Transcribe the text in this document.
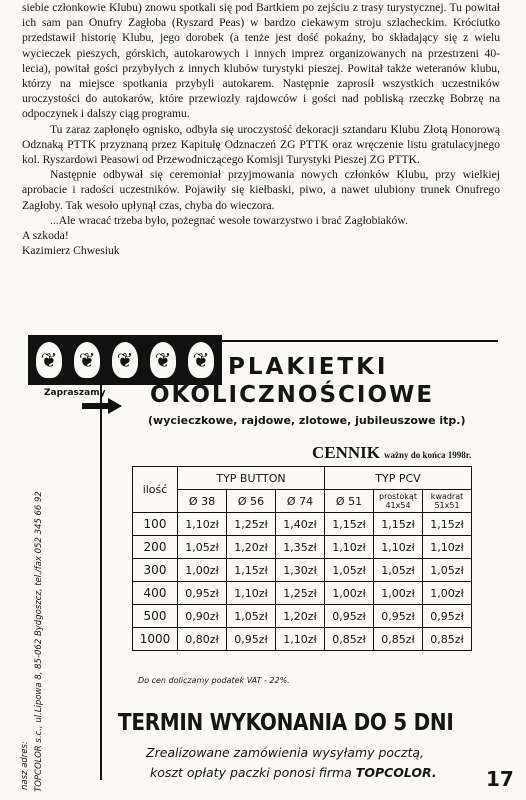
siebie członkowie Klubu) znowu spotkali się pod Bartkiem po zejściu z trasy turystycznej. Tu powitał ich sam pan Onufry Zagłoba (Ryszard Peas) w bardzo ciekawym stroju szlacheckim. Króciutko przedstawił historię Klubu, jego dorobek (a tenże jest dość pokaźny, bo składający się z wielu wycieczek pieszych, górskich, autokarowych i innych imprez organizowanych na przestrzeni 40-lecia), powitał gości przybyłych z innych klubów turystyki pieszej. Powitał także weteranów klubu, którzy na miejsce spotkania przybyli autokarem. Następnie zaprosił wszystkich uczestników uroczystości do autokarów, które przewiozły rajdowców i gości nad pobliską rzeczkę Bobrzę na odpoczynek i dalszy ciąg programu.

Tu zaraz zapłonęło ognisko, odbyła się uroczystość dekoracji sztandaru Klubu Złotą Honorową Odznaką PTTK przyznaną przez Kapitułę Odznaczeń ZG PTTK oraz wręczenie listu gratulacyjnego kol. Ryszardowi Peasowi od Przewodniczącego Komisji Turystyki Pieszej ZG PTTK.

Następnie odbywał się ceremoniał przyjmowania nowych członków Klubu, przy wielkiej aprobacie i radości uczestników. Pojawiły się kiełbaski, piwo, a nawet ulubiony trunek Onufrego Zagłoby. Tak wesoło upłynął czas, chyba do wieczora.

...Ale wracać trzeba było, pożegnać wesołe towarzystwo i brać Zagłobiaków.

A szkoda!

Kazimierz Chwesiuk

❦ ❦ ❦ ❦ ❦ PLAKIETKI
OKOLICZNOŚCIOWE
(wycieczkowe, rajdowe, zlotowe, jubileuszowe itp.)
Zapraszamy
CENNIK ważny do końca 1998r.
ilość	TYP BUTTON			TYP PCV		
	Ø 38	Ø 56	Ø 74	Ø 51	prostokąt 41x54	kwadrat 51x51
100	1,10zł	1,25zł	1,40zł	1,15zł	1,15zł	1,15zł
200	1,05zł	1,20zł	1,35zł	1,10zł	1,10zł	1,10zł
300	1,00zł	1,15zł	1,30zł	1,05zł	1,05zł	1,05zł
400	0,95zł	1,10zł	1,25zł	1,00zł	1,00zł	1,00zł
500	0,90zł	1,05zł	1,20zł	0,95zł	0,95zł	0,95zł
1000	0,80zł	0,95zł	1,10zł	0,85zł	0,85zł	0,85zł
Do cen doliczamy podatek VAT - 22%.
TERMIN WYKONANIA DO 5 DNI
Zrealizowane zamówienia wysyłamy pocztą,
koszt opłaty paczki ponosi firma TOPCOLOR.
nasz adres: TOPCOLOR s.c., ul.Lipowa 8, 85-062 Bydgoszcz, tel./fax 052 345 66 92	17
